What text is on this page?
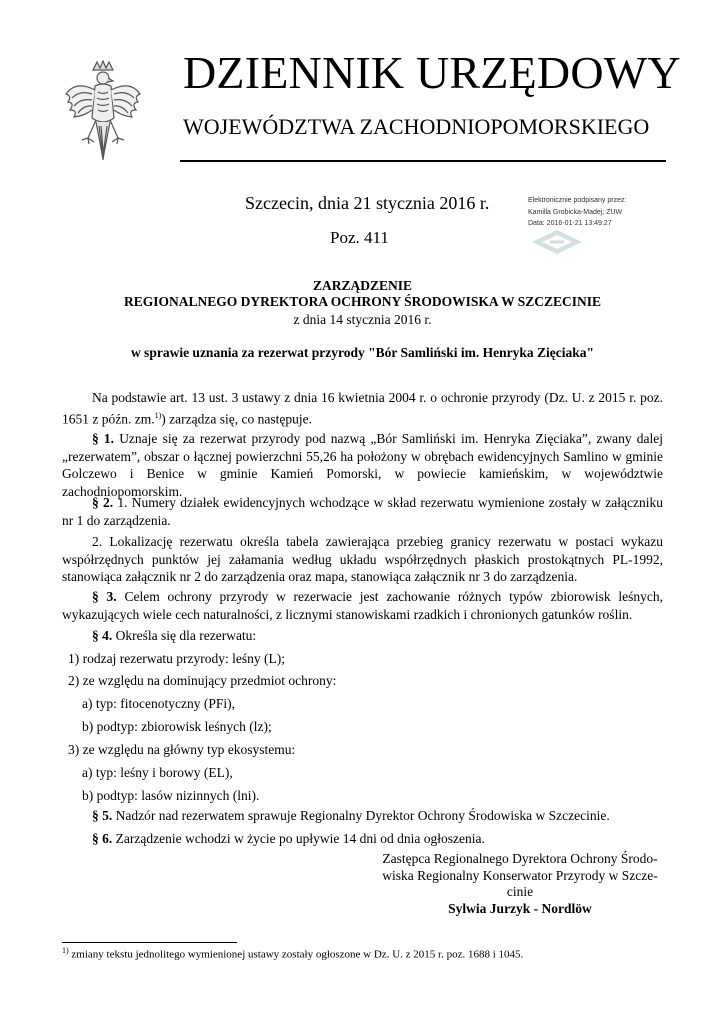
DZIENNIK URZĘDOWY
WOJEWÓDZTWA ZACHODNIOPOMORSKIEGO
Szczecin, dnia 21 stycznia 2016 r.
Poz. 411
Elektronicznie podpisany przez:
Kamilla Grobicka-Madej; ZUW
Data: 2016-01-21 13:49:27
ZARZĄDZENIE
REGIONALNEGO DYREKTORA OCHRONY ŚRODOWISKA W SZCZECINIE
z dnia 14 stycznia 2016 r.
w sprawie uznania za rezerwat przyrody "Bór Samliński im. Henryka Zięciaka"
Na podstawie art. 13 ust. 3 ustawy z dnia 16 kwietnia 2004 r. o ochronie przyrody (Dz. U. z 2015 r. poz. 1651 z późn. zm.$^{1)}$) zarządza się, co następuje.
§ 1. Uznaje się za rezerwat przyrody pod nazwą „Bór Samliński im. Henryka Zięciaka”, zwany dalej „rezerwatem”, obszar o łącznej powierzchni 55,26 ha położony w obrębach ewidencyjnych Samlino w gminie Golczewo i Benice w gminie Kamień Pomorski, w powiecie kamieńskim, w województwie zachodniopomorskim.
§ 2. 1. Numery działek ewidencyjnych wchodzące w skład rezerwatu wymienione zostały w załączniku nr 1 do zarządzenia.
2. Lokalizację rezerwatu określa tabela zawierająca przebieg granicy rezerwatu w postaci wykazu współrzędnych punktów jej załamania według układu współrzędnych płaskich prostokątnych PL-1992, stanowiąca załącznik nr 2 do zarządzenia oraz mapa, stanowiąca załącznik nr 3 do zarządzenia.
§ 3. Celem ochrony przyrody w rezerwacie jest zachowanie różnych typów zbiorowisk leśnych, wykazujących wiele cech naturalności, z licznymi stanowiskami rzadkich i chronionych gatunków roślin.
§ 4. Określa się dla rezerwatu:
1) rodzaj rezerwatu przyrody: leśny (L);
2) ze względu na dominujący przedmiot ochrony:
a) typ: fitocenotyczny (PFi),
b) podtyp: zbiorowisk leśnych (lz);
3) ze względu na główny typ ekosystemu:
a) typ: leśny i borowy (EL),
b) podtyp: lasów nizinnych (lni).
§ 5. Nadzór nad rezerwatem sprawuje Regionalny Dyrektor Ochrony Środowiska w Szczecinie.
§ 6. Zarządzenie wchodzi w życie po upływie 14 dni od dnia ogłoszenia.
Zastępca Regionalnego Dyrektora Ochrony Środo-
wiska Regionalny Konserwator Przyrody w Szcze-
cinie
Sylwia Jurzyk - Nordlöw
$^{1)}$ zmiany tekstu jednolitego wymienionej ustawy zostały ogłoszone w Dz. U. z 2015 r. poz. 1688 i 1045.
